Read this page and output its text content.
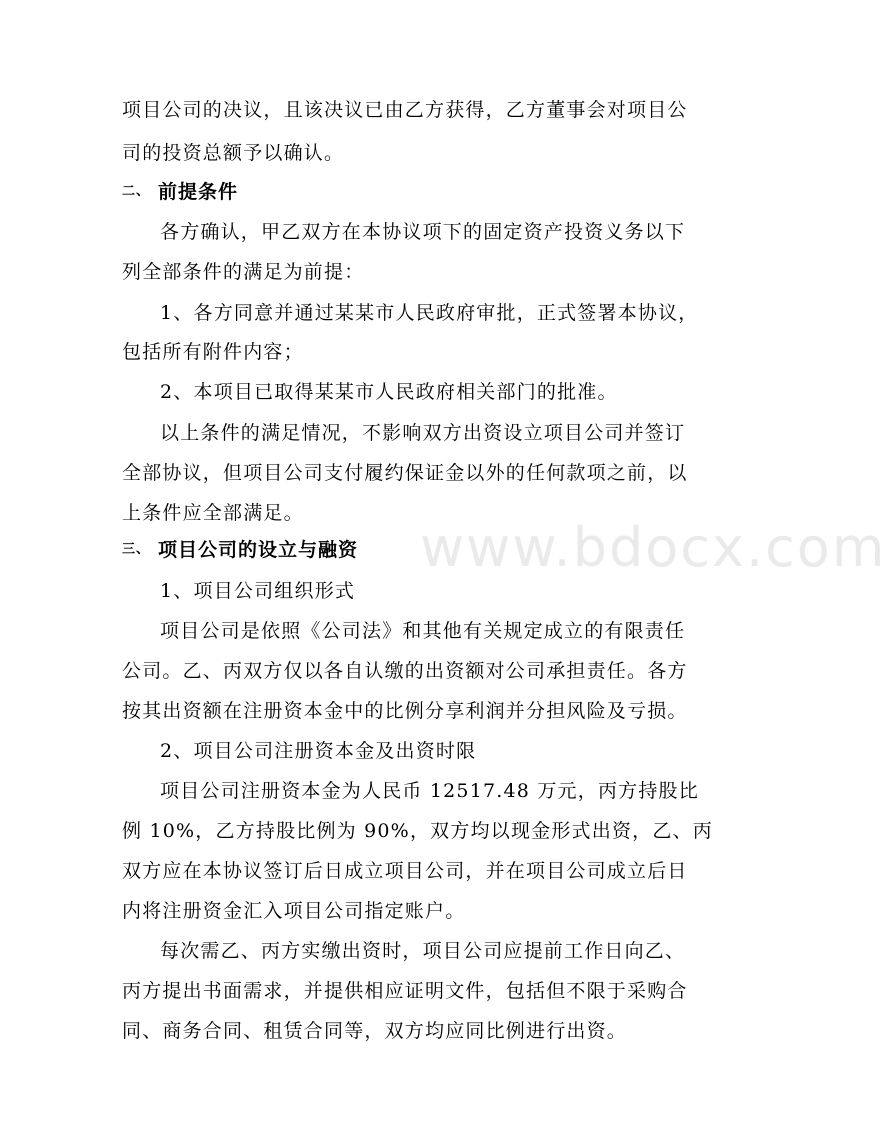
www.bdocx.com
项目公司的决议，且该决议已由乙方获得，乙方董事会对项目公
司的投资总额予以确认。
二、 前提条件
各方确认，甲乙双方在本协议项下的固定资产投资义务以下
列全部条件的满足为前提：
1、各方同意并通过某某市人民政府审批，正式签署本协议，
包括所有附件内容；
2、本项目已取得某某市人民政府相关部门的批准。
以上条件的满足情况，不影响双方出资设立项目公司并签订
全部协议，但项目公司支付履约保证金以外的任何款项之前，以
上条件应全部满足。
三、 项目公司的设立与融资
1、项目公司组织形式
项目公司是依照《公司法》和其他有关规定成立的有限责任
公司。乙、丙双方仅以各自认缴的出资额对公司承担责任。各方
按其出资额在注册资本金中的比例分享利润并分担风险及亏损。
2、项目公司注册资本金及出资时限
项目公司注册资本金为人民币 12517.48 万元，丙方持股比
例 10%，乙方持股比例为 90%，双方均以现金形式出资，乙、丙
双方应在本协议签订后日成立项目公司，并在项目公司成立后日
内将注册资金汇入项目公司指定账户。
每次需乙、丙方实缴出资时，项目公司应提前工作日向乙、
丙方提出书面需求，并提供相应证明文件，包括但不限于采购合
同、商务合同、租赁合同等，双方均应同比例进行出资。
